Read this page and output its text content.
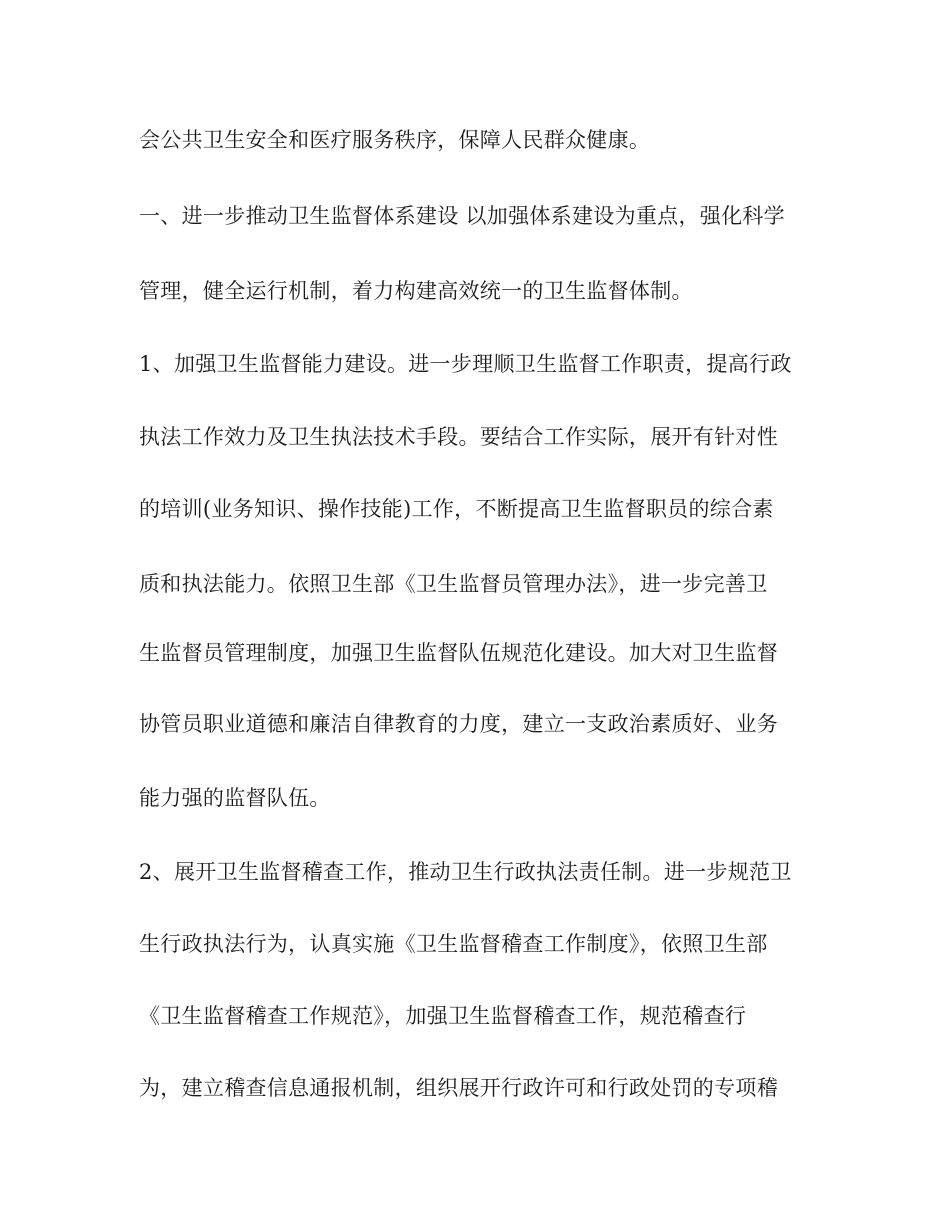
会公共卫生安全和医疗服务秩序，保障人民群众健康。

一、进一步推动卫生监督体系建设 以加强体系建设为重点，强化科学

管理，健全运行机制，着力构建高效统一的卫生监督体制。

1、加强卫生监督能力建设。进一步理顺卫生监督工作职责，提高行政

执法工作效力及卫生执法技术手段。要结合工作实际，展开有针对性

的培训(业务知识、操作技能)工作，不断提高卫生监督职员的综合素

质和执法能力。依照卫生部《卫生监督员管理办法》，进一步完善卫

生监督员管理制度，加强卫生监督队伍规范化建设。加大对卫生监督

协管员职业道德和廉洁自律教育的力度，建立一支政治素质好、业务

能力强的监督队伍。

2、展开卫生监督稽查工作，推动卫生行政执法责任制。进一步规范卫

生行政执法行为，认真实施《卫生监督稽查工作制度》，依照卫生部

《卫生监督稽查工作规范》，加强卫生监督稽查工作，规范稽查行

为，建立稽查信息通报机制，组织展开行政许可和行政处罚的专项稽
